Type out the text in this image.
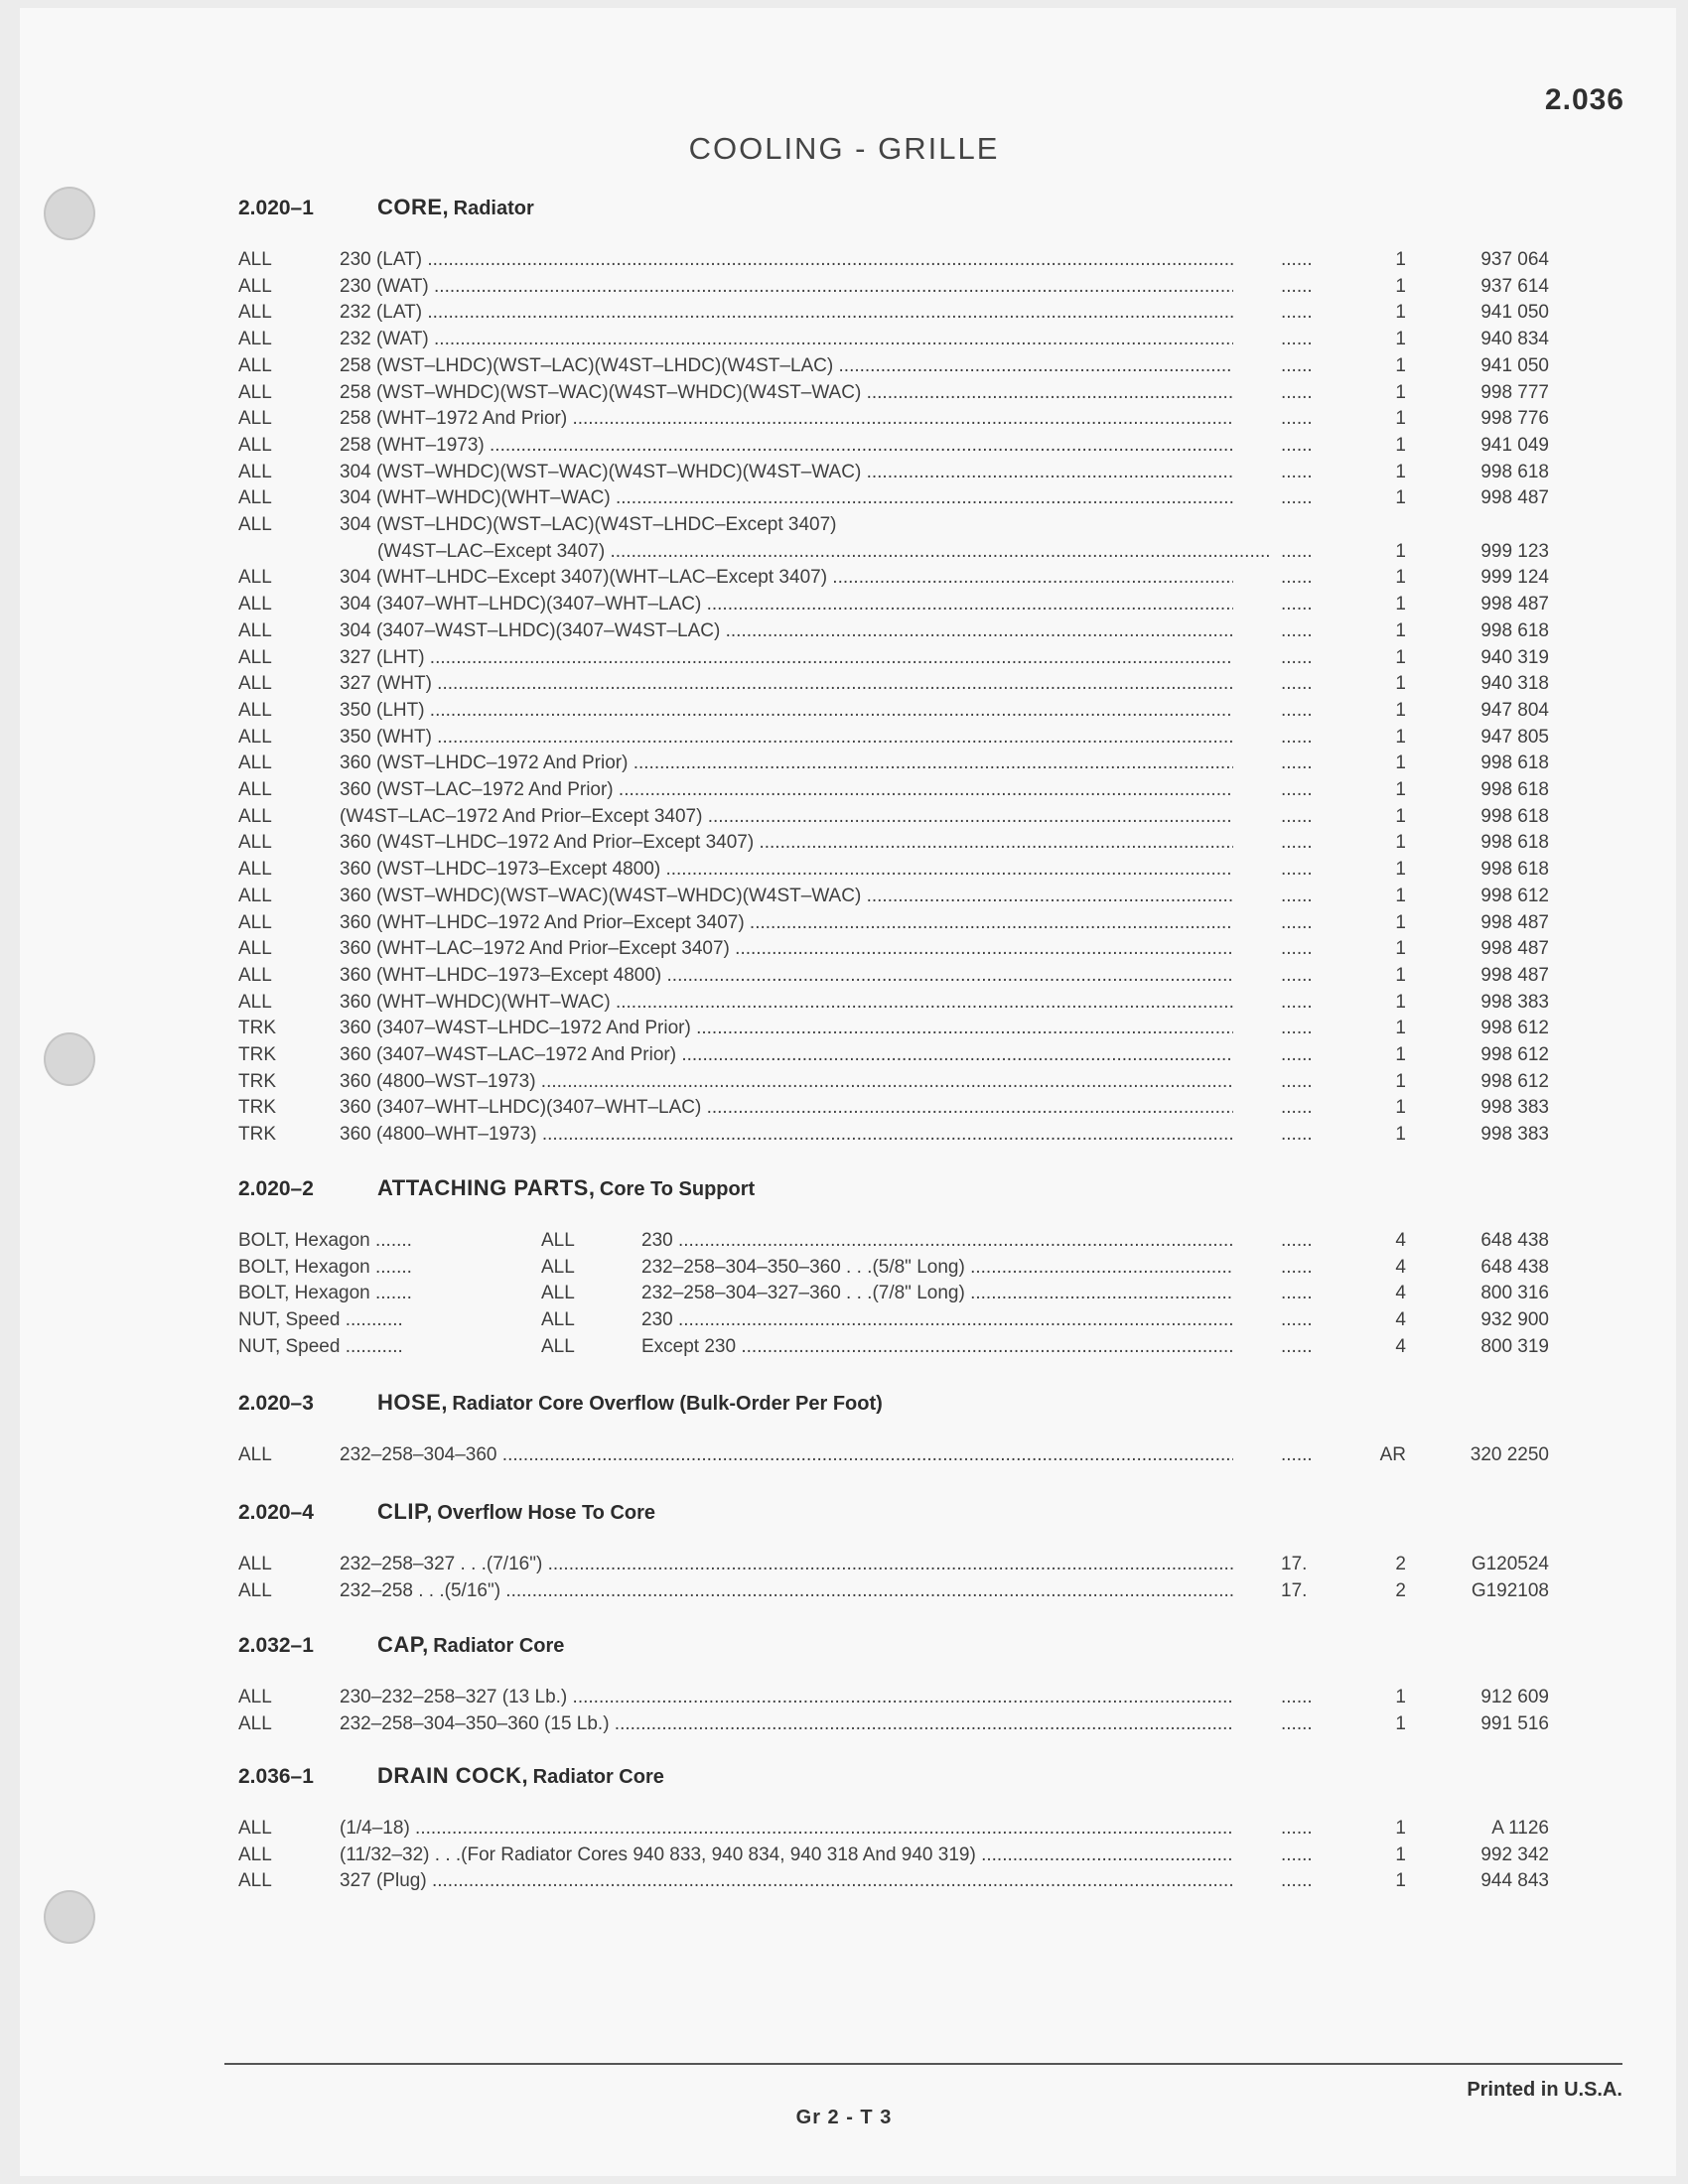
2.036
COOLING - GRILLE
2.020–1	CORE, Radiator
ALL	230 (LAT) .....	......	1	937 064
ALL	230 (WAT) .....	......	1	937 614
ALL	232 (LAT) .....	......	1	941 050
ALL	232 (WAT) .....	......	1	940 834
ALL	258 (WST–LHDC)(WST–LAC)(W4ST–LHDC)(W4ST–LAC) .....	......	1	941 050
ALL	258 (WST–WHDC)(WST–WAC)(W4ST–WHDC)(W4ST–WAC) .....	......	1	998 777
ALL	258 (WHT–1972 And Prior) .....	......	1	998 776
ALL	258 (WHT–1973) .....	......	1	941 049
ALL	304 (WST–WHDC)(WST–WAC)(W4ST–WHDC)(W4ST–WAC) .....	......	1	998 618
ALL	304 (WHT–WHDC)(WHT–WAC) .....	......	1	998 487
ALL	304 (WST–LHDC)(WST–LAC)(W4ST–LHDC–Except 3407)
(W4ST–LAC–Except 3407) .....	......	1	999 123
ALL	304 (WHT–LHDC–Except 3407)(WHT–LAC–Except 3407) .....	......	1	999 124
ALL	304 (3407–WHT–LHDC)(3407–WHT–LAC) .....	......	1	998 487
ALL	304 (3407–W4ST–LHDC)(3407–W4ST–LAC) .....	......	1	998 618
ALL	327 (LHT) .....	......	1	940 319
ALL	327 (WHT) .....	......	1	940 318
ALL	350 (LHT) .....	......	1	947 804
ALL	350 (WHT) .....	......	1	947 805
ALL	360 (WST–LHDC–1972 And Prior) .....	......	1	998 618
ALL	360 (WST–LAC–1972 And Prior) .....	......	1	998 618
ALL	(W4ST–LAC–1972 And Prior–Except 3407) .....	......	1	998 618
ALL	360 (W4ST–LHDC–1972 And Prior–Except 3407) .....	......	1	998 618
ALL	360 (WST–LHDC–1973–Except 4800) .....	......	1	998 618
ALL	360 (WST–WHDC)(WST–WAC)(W4ST–WHDC)(W4ST–WAC) .....	......	1	998 612
ALL	360 (WHT–LHDC–1972 And Prior–Except 3407) .....	......	1	998 487
ALL	360 (WHT–LAC–1972 And Prior–Except 3407) .....	......	1	998 487
ALL	360 (WHT–LHDC–1973–Except 4800) .....	......	1	998 487
ALL	360 (WHT–WHDC)(WHT–WAC) .....	......	1	998 383
TRK	360 (3407–W4ST–LHDC–1972 And Prior) .....	......	1	998 612
TRK	360 (3407–W4ST–LAC–1972 And Prior) .....	......	1	998 612
TRK	360 (4800–WST–1973) .....	......	1	998 612
TRK	360 (3407–WHT–LHDC)(3407–WHT–LAC) .....	......	1	998 383
TRK	360 (4800–WHT–1973) .....	......	1	998 383
2.020–2	ATTACHING PARTS, Core To Support
BOLT, Hexagon .......	ALL	230 .....	......	4	648 438
BOLT, Hexagon .......	ALL	232–258–304–350–360 . . .(5/8" Long) .....	......	4	648 438
BOLT, Hexagon .......	ALL	232–258–304–327–360 . . .(7/8" Long) .....	......	4	800 316
NUT, Speed ...........	ALL	230 .....	......	4	932 900
NUT, Speed ...........	ALL	Except 230 .....	......	4	800 319
2.020–3	HOSE, Radiator Core Overflow (Bulk-Order Per Foot)
ALL	232–258–304–360 .....	......	AR	320 2250
2.020–4	CLIP, Overflow Hose To Core
ALL	232–258–327 . . .(7/16") .....	17.	2	G120524
ALL	232–258 . . .(5/16") .....	17.	2	G192108
2.032–1	CAP, Radiator Core
ALL	230–232–258–327 (13 Lb.) .....	......	1	912 609
ALL	232–258–304–350–360 (15 Lb.) .....	......	1	991 516
2.036–1	DRAIN COCK, Radiator Core
ALL	(1/4–18) .....	......	1	A 1126
ALL	(11/32–32) . . .(For Radiator Cores 940 833, 940 834, 940 318 And 940 319) .....	......	1	992 342
ALL	327 (Plug) .....	......	1	944 843
Printed in U.S.A.
Gr 2 - T 3
